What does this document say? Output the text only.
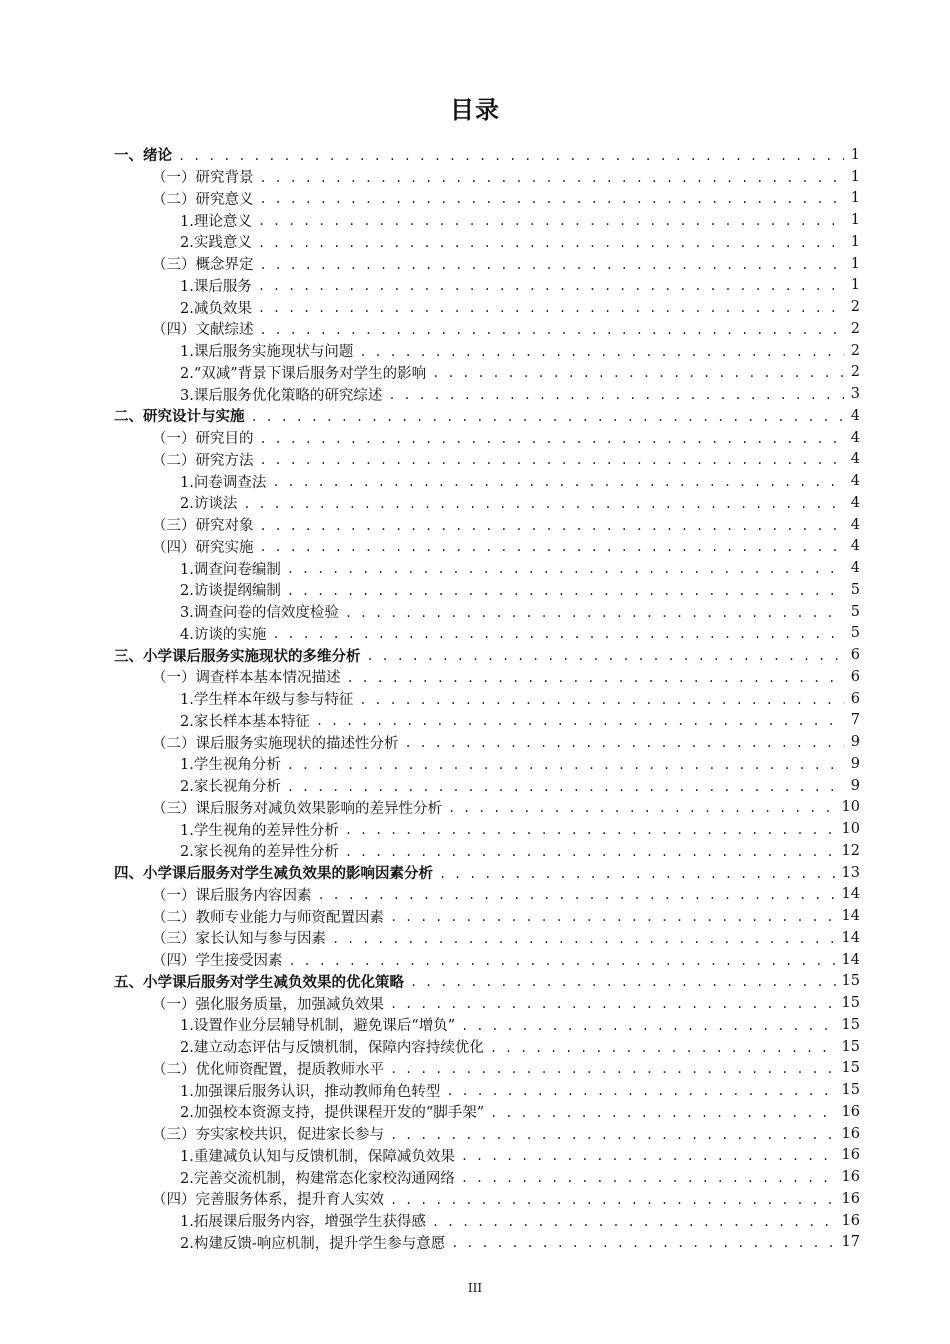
目录
一、绪论 . . .	1
（一）研究背景 . . .	1
（二）研究意义 . . .	1
1.理论意义 . . .	1
2.实践意义 . . .	1
（三）概念界定 . . .	1
1.课后服务 . . .	1
2.减负效果 . . .	2
（四）文献综述 . . .	2
1.课后服务实施现状与问题 . . .	2
2.“双减”背景下课后服务对学生的影响 . . .	2
3.课后服务优化策略的研究综述 . . .	3
二、研究设计与实施 . . .	4
（一）研究目的 . . .	4
（二）研究方法 . . .	4
1.问卷调查法 . . .	4
2.访谈法 . . .	4
（三）研究对象 . . .	4
（四）研究实施 . . .	4
1.调查问卷编制 . . .	4
2.访谈提纲编制 . . .	5
3.调查问卷的信效度检验 . . .	5
4.访谈的实施 . . .	5
三、小学课后服务实施现状的多维分析 . . .	6
（一）调查样本基本情况描述 . . .	6
1.学生样本年级与参与特征 . . .	6
2.家长样本基本特征 . . .	7
（二）课后服务实施现状的描述性分析 . . .	9
1.学生视角分析 . . .	9
2.家长视角分析 . . .	9
（三）课后服务对减负效果影响的差异性分析 . . .	10
1.学生视角的差异性分析 . . .	10
2.家长视角的差异性分析 . . .	12
四、小学课后服务对学生减负效果的影响因素分析 . . .	13
（一）课后服务内容因素 . . .	14
（二）教师专业能力与师资配置因素 . . .	14
（三）家长认知与参与因素 . . .	14
（四）学生接受因素 . . .	14
五、小学课后服务对学生减负效果的优化策略 . . .	15
（一）强化服务质量，加强减负效果 . . .	15
1.设置作业分层辅导机制，避免课后“增负” . . .	15
2.建立动态评估与反馈机制，保障内容持续优化 . . .	15
（二）优化师资配置，提质教师水平 . . .	15
1.加强课后服务认识，推动教师角色转型 . . .	15
2.加强校本资源支持，提供课程开发的“脚手架” . . .	16
（三）夯实家校共识，促进家长参与 . . .	16
1.重建减负认知与反馈机制，保障减负效果 . . .	16
2.完善交流机制，构建常态化家校沟通网络 . . .	16
（四）完善服务体系，提升育人实效 . . .	16
1.拓展课后服务内容，增强学生获得感 . . .	16
2.构建反馈-响应机制，提升学生参与意愿 . . .	17
III
